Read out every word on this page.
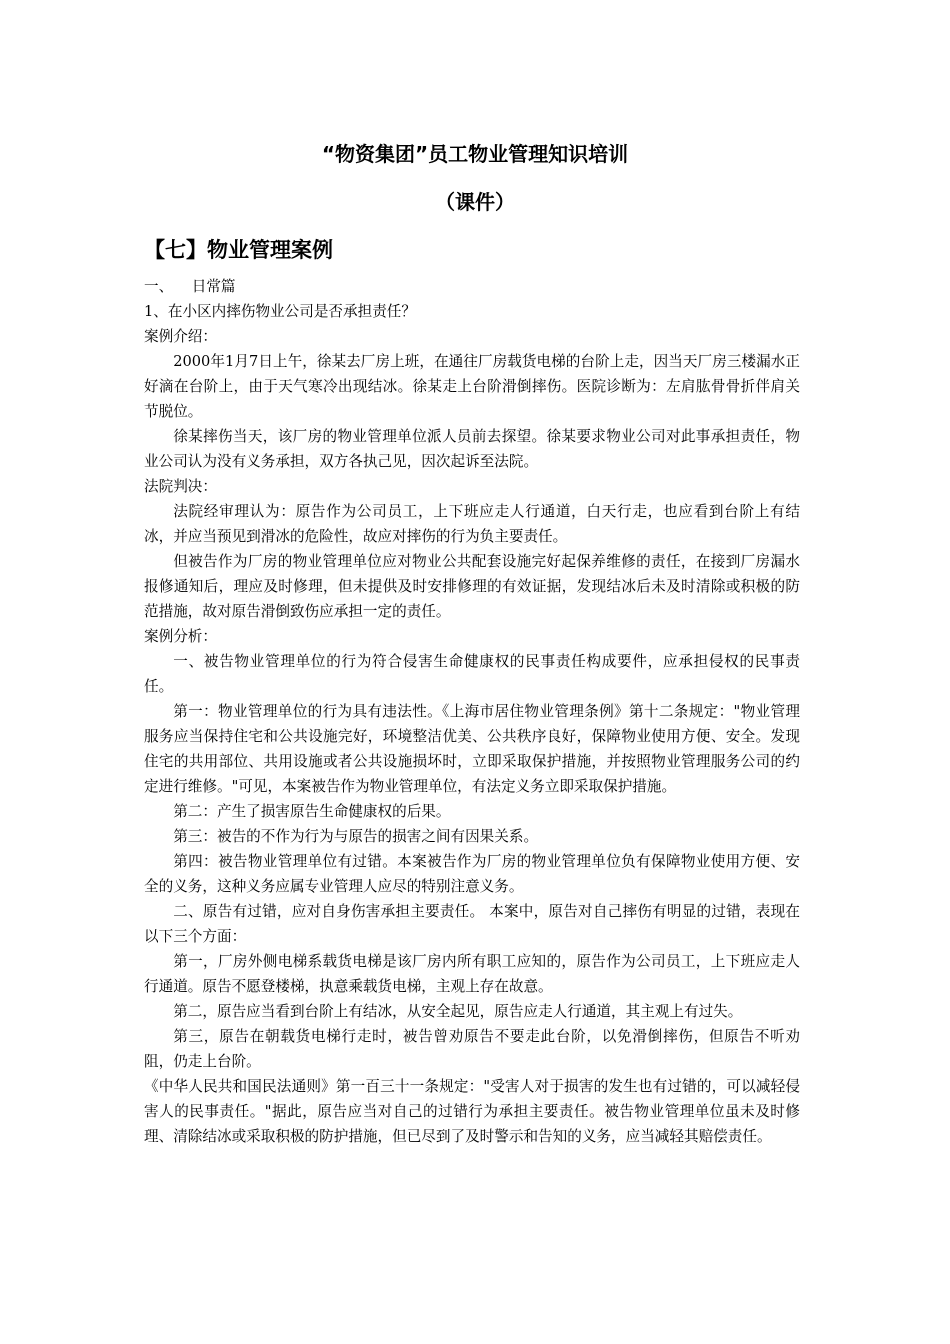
“物资集团”员工物业管理知识培训
（课件）
【七】物业管理案例

一、    日常篇

1、在小区内摔伤物业公司是否承担责任？

案例介绍：

2000年1月7日上午，徐某去厂房上班，在通往厂房载货电梯的台阶上走，因当天厂房三楼漏水正好滴在台阶上，由于天气寒冷出现结冰。徐某走上台阶滑倒摔伤。医院诊断为：左肩肱骨骨折伴肩关节脱位。

徐某摔伤当天，该厂房的物业管理单位派人员前去探望。徐某要求物业公司对此事承担责任，物业公司认为没有义务承担，双方各执己见，因次起诉至法院。

法院判决：

法院经审理认为：原告作为公司员工，上下班应走人行通道，白天行走，也应看到台阶上有结冰，并应当预见到滑冰的危险性，故应对摔伤的行为负主要责任。

但被告作为厂房的物业管理单位应对物业公共配套设施完好起保养维修的责任，在接到厂房漏水报修通知后，理应及时修理，但未提供及时安排修理的有效证据，发现结冰后未及时清除或积极的防范措施，故对原告滑倒致伤应承担一定的责任。

案例分析：

一、被告物业管理单位的行为符合侵害生命健康权的民事责任构成要件，应承担侵权的民事责任。

第一：物业管理单位的行为具有违法性。《上海市居住物业管理条例》第十二条规定："物业管理服务应当保持住宅和公共设施完好，环境整洁优美、公共秩序良好，保障物业使用方便、安全。发现住宅的共用部位、共用设施或者公共设施损坏时，立即采取保护措施，并按照物业管理服务公司的约定进行维修。"可见，本案被告作为物业管理单位，有法定义务立即采取保护措施。

第二：产生了损害原告生命健康权的后果。

第三：被告的不作为行为与原告的损害之间有因果关系。

第四：被告物业管理单位有过错。本案被告作为厂房的物业管理单位负有保障物业使用方便、安全的义务，这种义务应属专业管理人应尽的特别注意义务。

二、原告有过错，应对自身伤害承担主要责任。 本案中，原告对自己摔伤有明显的过错，表现在以下三个方面：

第一，厂房外侧电梯系载货电梯是该厂房内所有职工应知的，原告作为公司员工，上下班应走人行通道。原告不愿登楼梯，执意乘载货电梯，主观上存在故意。

第二，原告应当看到台阶上有结冰，从安全起见，原告应走人行通道，其主观上有过失。

第三，原告在朝载货电梯行走时，被告曾劝原告不要走此台阶，以免滑倒摔伤，但原告不听劝阻，仍走上台阶。

《中华人民共和国民法通则》第一百三十一条规定："受害人对于损害的发生也有过错的，可以减轻侵害人的民事责任。"据此，原告应当对自己的过错行为承担主要责任。被告物业管理单位虽未及时修理、清除结冰或采取积极的防护措施，但已尽到了及时警示和告知的义务，应当减轻其赔偿责任。
